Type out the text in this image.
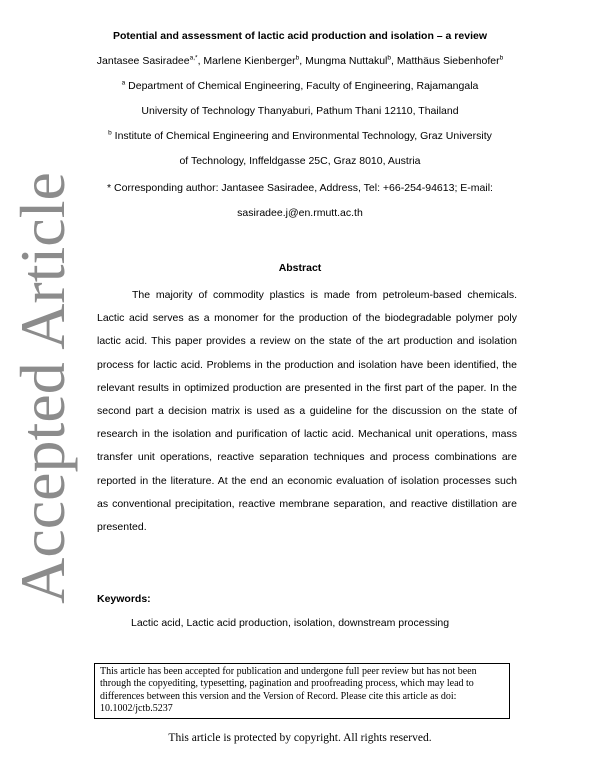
Accepted Article
Potential and assessment of lactic acid production and isolation – a review
Jantasee Sasiradee$^{a,*}$, Marlene Kienberger$^b$, Mungma Nuttakul$^b$, Matthäus Siebenhofer$^b$
$^a$ Department of Chemical Engineering, Faculty of Engineering, Rajamangala
University of Technology Thanyaburi, Pathum Thani 12110, Thailand
$^b$ Institute of Chemical Engineering and Environmental Technology, Graz University
of Technology, Inffeldgasse 25C, Graz 8010, Austria
* Corresponding author: Jantasee Sasiradee, Address, Tel: +66-254-94613; E-mail:
sasiradee.j@en.rmutt.ac.th
Abstract
The majority of commodity plastics is made from petroleum-based chemicals. Lactic acid serves as a monomer for the production of the biodegradable polymer poly lactic acid. This paper provides a review on the state of the art production and isolation process for lactic acid. Problems in the production and isolation have been identified, the relevant results in optimized production are presented in the first part of the paper. In the second part a decision matrix is used as a guideline for the discussion on the state of research in the isolation and purification of lactic acid. Mechanical unit operations, mass transfer unit operations, reactive separation techniques and process combinations are reported in the literature. At the end an economic evaluation of isolation processes such as conventional precipitation, reactive membrane separation, and reactive distillation are presented.
Keywords:
Lactic acid, Lactic acid production, isolation, downstream processing
This article has been accepted for publication and undergone full peer review but has not been through the copyediting, typesetting, pagination and proofreading process, which may lead to differences between this version and the Version of Record. Please cite this article as doi: 10.1002/jctb.5237
This article is protected by copyright. All rights reserved.
